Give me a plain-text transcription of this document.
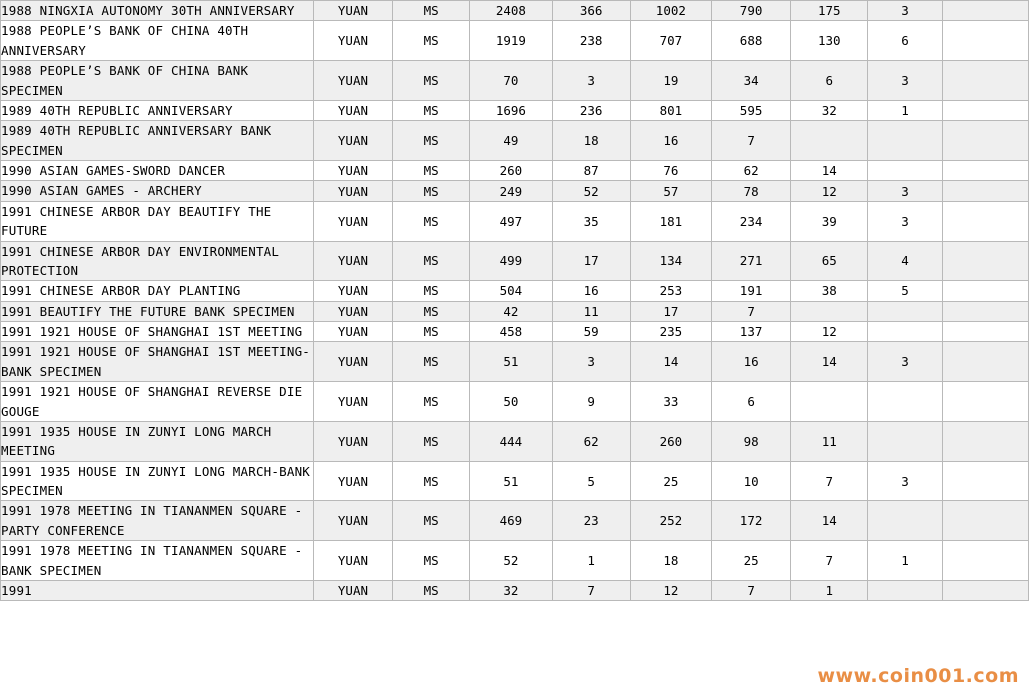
1988 NINGXIA AUTONOMY 30TH ANNIVERSARY	YUAN	MS	2408	366	1002	790	175	3	
1988 PEOPLE’S BANK OF CHINA 40TH ANNIVERSARY	YUAN	MS	1919	238	707	688	130	6	
1988 PEOPLE’S BANK OF CHINA BANK SPECIMEN	YUAN	MS	70	3	19	34	6	3	
1989 40TH REPUBLIC ANNIVERSARY	YUAN	MS	1696	236	801	595	32	1	
1989 40TH REPUBLIC ANNIVERSARY BANK SPECIMEN	YUAN	MS	49	18	16	7			
1990 ASIAN GAMES-SWORD DANCER	YUAN	MS	260	87	76	62	14		
1990 ASIAN GAMES - ARCHERY	YUAN	MS	249	52	57	78	12	3	
1991 CHINESE ARBOR DAY BEAUTIFY THE FUTURE	YUAN	MS	497	35	181	234	39	3	
1991 CHINESE ARBOR DAY ENVIRONMENTAL PROTECTION	YUAN	MS	499	17	134	271	65	4	
1991 CHINESE ARBOR DAY PLANTING	YUAN	MS	504	16	253	191	38	5	
1991 BEAUTIFY THE FUTURE BANK SPECIMEN	YUAN	MS	42	11	17	7			
1991 1921 HOUSE OF SHANGHAI 1ST MEETING	YUAN	MS	458	59	235	137	12		
1991 1921 HOUSE OF SHANGHAI 1ST MEETING-BANK SPECIMEN	YUAN	MS	51	3	14	16	14	3	
1991 1921 HOUSE OF SHANGHAI REVERSE DIE GOUGE	YUAN	MS	50	9	33	6			
1991 1935 HOUSE IN ZUNYI LONG MARCH MEETING	YUAN	MS	444	62	260	98	11		
1991 1935 HOUSE IN ZUNYI LONG MARCH-BANK SPECIMEN	YUAN	MS	51	5	25	10	7	3	
1991 1978 MEETING IN TIANANMEN SQUARE - PARTY CONFERENCE	YUAN	MS	469	23	252	172	14		
1991 1978 MEETING IN TIANANMEN SQUARE - BANK SPECIMEN	YUAN	MS	52	1	18	25	7	1	
1991	YUAN	MS	32	7	12	7	1		
www.coin001.com
